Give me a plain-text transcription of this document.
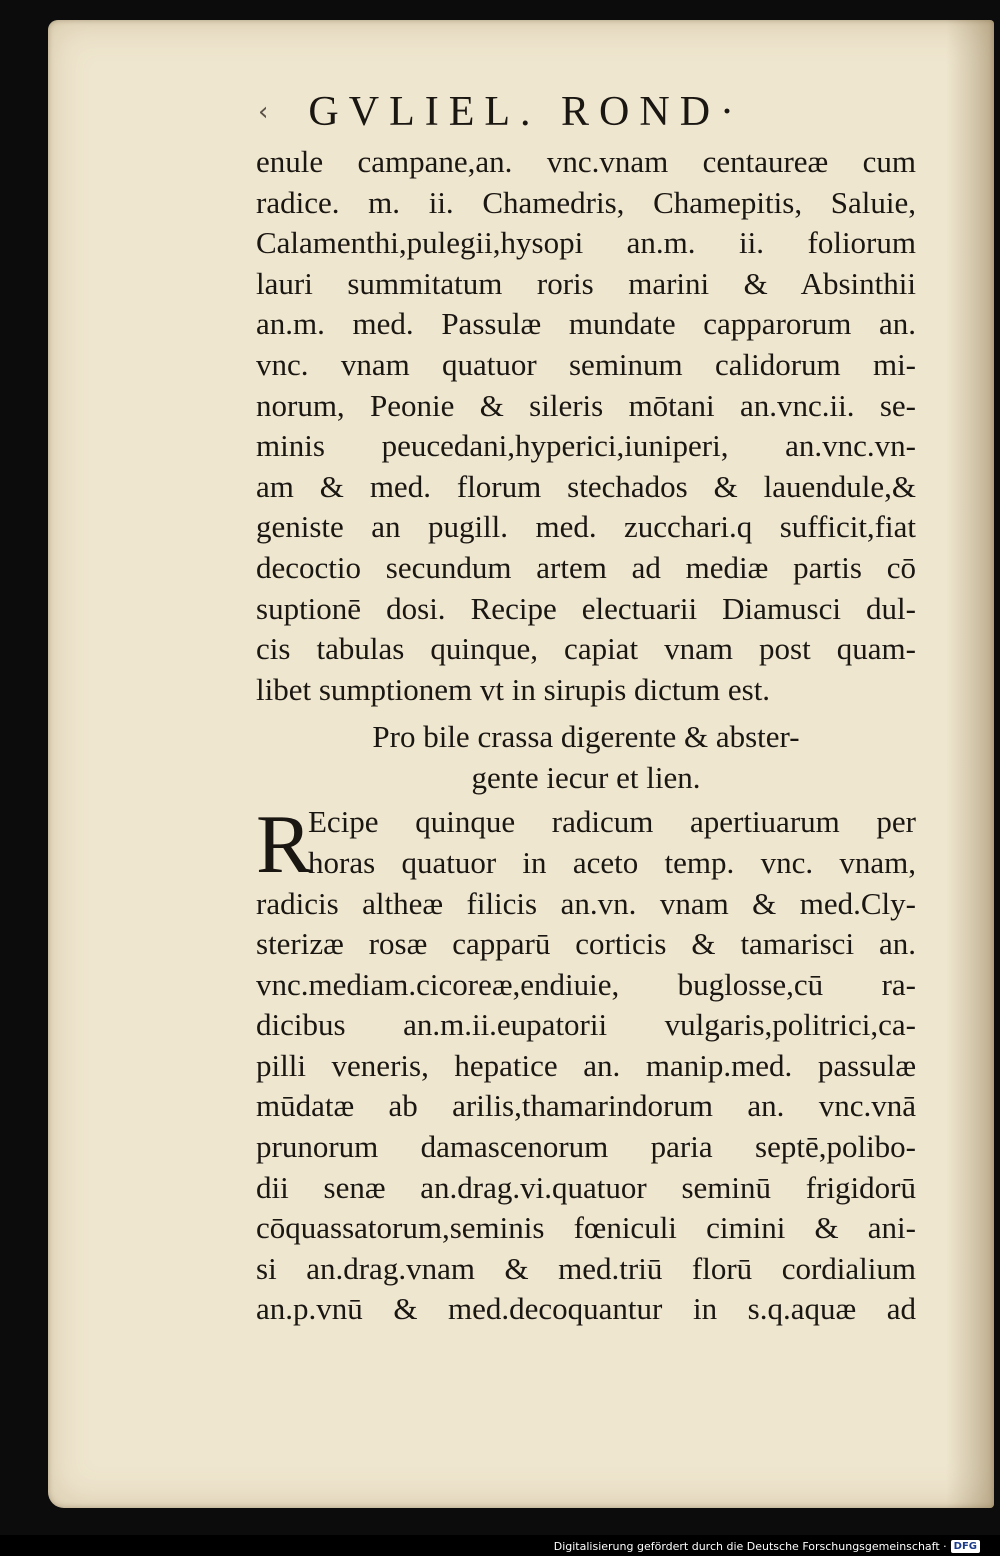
‹ GVLIEL. ROND·
enule campane,an. vnc.vnam centaureæ cum
radice. m. ii. Chamedris, Chamepitis, Saluie,
Calamenthi,pulegii,hysopi an.m. ii. foliorum
lauri summitatum roris marini & Absinthii
an.m. med. Passulæ mundate capparorum an.
vnc. vnam quatuor seminum calidorum mi-
norum, Peonie & sileris mōtani an.vnc.ii. se-
minis peucedani,hyperici,iuniperi, an.vnc.vn-
am & med. florum stechados & lauendule,&
geniste an pugill. med. zucchari.q sufficit,fiat
decoctio secundum artem ad mediæ partis cō
suptionē dosi. Recipe electuarii Diamusci dul-
cis tabulas quinque, capiat vnam post quam-
libet sumptionem vt in sirupis dictum est.
Pro bile crassa digerente & abster-
gente iecur et lien.
R
Ecipe quinque radicum apertiuarum per
horas quatuor in aceto temp. vnc. vnam,
radicis altheæ filicis an.vn. vnam & med.Cly-
sterizæ rosæ capparū corticis & tamarisci an.
vnc.mediam.cicoreæ,endiuie, buglosse,cū ra-
dicibus an.m.ii.eupatorii vulgaris,politrici,ca-
pilli veneris, hepatice an. manip.med. passulæ
mūdatæ ab arilis,thamarindorum an. vnc.vnā
prunorum damascenorum paria septē,polibo-
dii senæ an.drag.vi.quatuor seminū frigidorū
cōquassatorum,seminis fœniculi cimini & ani-
si an.drag.vnam & med.triū florū cordialium
an.p.vnū & med.decoquantur in s.q.aquæ ad
Digitalisierung gefördert durch die Deutsche Forschungsgemeinschaft · DFG
